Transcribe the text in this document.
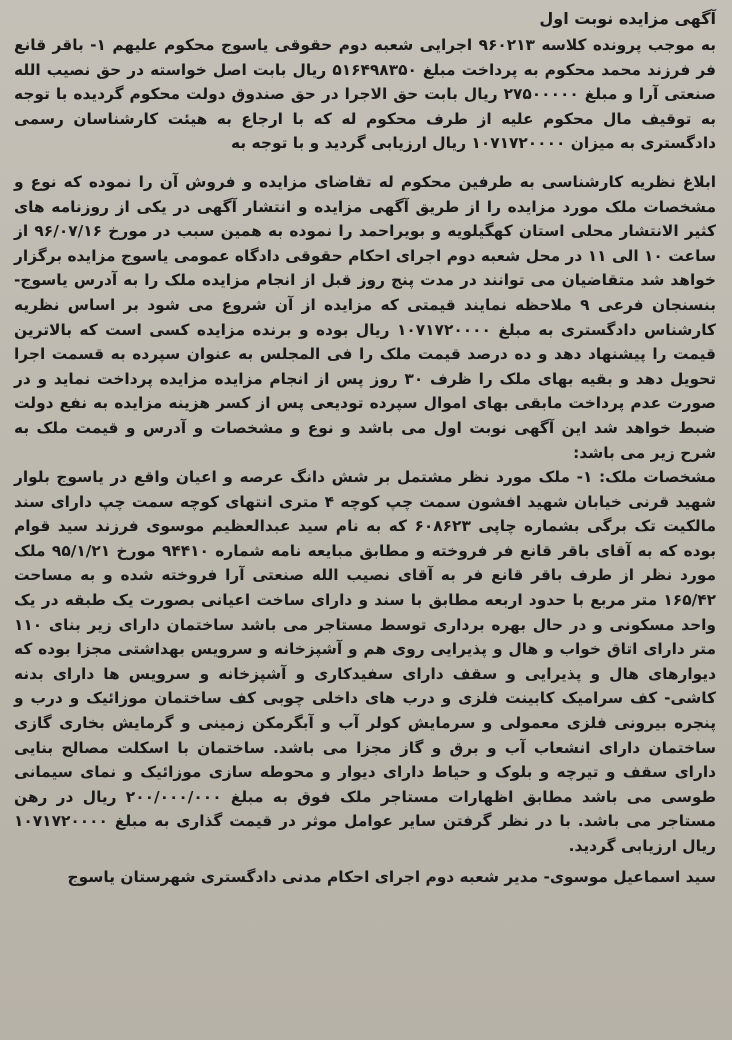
آگهی مزایده نوبت اول

به موجب پرونده کلاسه ۹۶۰۲۱۳ اجرایی شعبه دوم حقوقی یاسوج محکوم علیهم ۱- باقر قانع فر فرزند محمد محکوم به پرداخت مبلغ ۵۱۶۴۹۸۳۵۰ ریال بابت اصل خواسته در حق نصیب الله صنعتی آرا و مبلغ ۲۷۵۰۰۰۰۰ ریال بابت حق الاجرا در حق صندوق دولت محکوم گردیده با توجه به توقیف مال محکوم علیه از طرف محکوم له که با ارجاع به هیئت کارشناسان رسمی دادگستری به میزان ۱۰۷۱۷۲۰۰۰۰ ریال ارزیابی گردید و با توجه به

ابلاغ نظریه کارشناسی به طرفین محکوم له تقاضای مزایده و فروش آن را نموده که نوع و مشخصات ملک مورد مزایده را از طریق آگهی مزایده و انتشار آگهی در یکی از روزنامه های کثیر الانتشار محلی استان کهگیلویه و بویراحمد را نموده به همین سبب در مورخ ۹۶/۰۷/۱۶ از ساعت ۱۰ الی ۱۱ در محل شعبه دوم اجرای احکام حقوقی دادگاه عمومی یاسوج مزایده برگزار خواهد شد متقاضیان می توانند در مدت پنج روز قبل از انجام مزایده ملک را به آدرس یاسوج- بنسنجان فرعی ۹ ملاحظه نمایند قیمتی که مزایده از آن شروع می شود بر اساس نظریه کارشناس دادگستری به مبلغ ۱۰۷۱۷۲۰۰۰۰ ریال بوده و برنده مزایده کسی است که بالاترین قیمت را پیشنهاد دهد و ده درصد قیمت ملک را فی المجلس به عنوان سپرده به قسمت اجرا تحویل دهد و بقیه بهای ملک را ظرف ۳۰ روز پس از انجام مزایده مزایده پرداخت نماید و در صورت عدم پرداخت مابقی بهای اموال سپرده تودیعی پس از کسر هزینه مزایده به نفع دولت ضبط خواهد شد این آگهی نوبت اول می باشد و نوع و مشخصات و آدرس و قیمت ملک به شرح زیر می باشد:

مشخصات ملک: ۱- ملک مورد نظر مشتمل بر شش دانگ عرصه و اعیان واقع در یاسوج بلوار شهید قرنی خیابان شهید افشون سمت چپ کوچه ۴ متری انتهای کوچه سمت چپ دارای سند مالکیت تک برگی بشماره چاپی ۶۰۸۶۲۳ که به نام سید عبدالعظیم موسوی فرزند سید قوام بوده که به آقای باقر قانع فر فروخته و مطابق مبایعه نامه شماره ۹۴۴۱۰ مورخ ۹۵/۱/۲۱ ملک مورد نظر از طرف باقر قانع فر به آقای نصیب الله صنعتی آرا فروخته شده و به مساحت ۱۶۵/۴۲ متر مربع با حدود اربعه مطابق با سند و دارای ساخت اعیانی بصورت یک طبقه در یک واحد مسکونی و در حال بهره برداری توسط مستاجر می باشد ساختمان دارای زیر بنای ۱۱۰ متر دارای اتاق خواب و هال و پذیرایی روی هم و آشپزخانه و سرویس بهداشتی مجزا بوده که دیوارهای هال و پذیرایی و سقف دارای سفیدکاری و آشپزخانه و سرویس ها دارای بدنه کاشی- کف سرامیک کابینت فلزی و درب های داخلی چوبی کف ساختمان موزائیک و درب و پنجره بیرونی فلزی معمولی و سرمایش کولر آب و آبگرمکن زمینی و گرمایش بخاری گازی ساختمان دارای انشعاب آب و برق و گاز مجزا می باشد. ساختمان با اسکلت مصالح بنایی دارای سقف و تیرچه و بلوک و حیاط دارای دیوار و محوطه سازی موزائیک و نمای سیمانی طوسی می باشد مطابق اظهارات مستاجر ملک فوق به مبلغ ۲۰۰/۰۰۰/۰۰۰ ریال در رهن مستاجر می باشد. با در نظر گرفتن سایر عوامل موثر در قیمت گذاری به مبلغ ۱۰۷۱۷۲۰۰۰۰ ریال ارزیابی گردید.

سید اسماعیل موسوی- مدیر شعبه دوم اجرای احکام مدنی دادگستری شهرستان یاسوج
